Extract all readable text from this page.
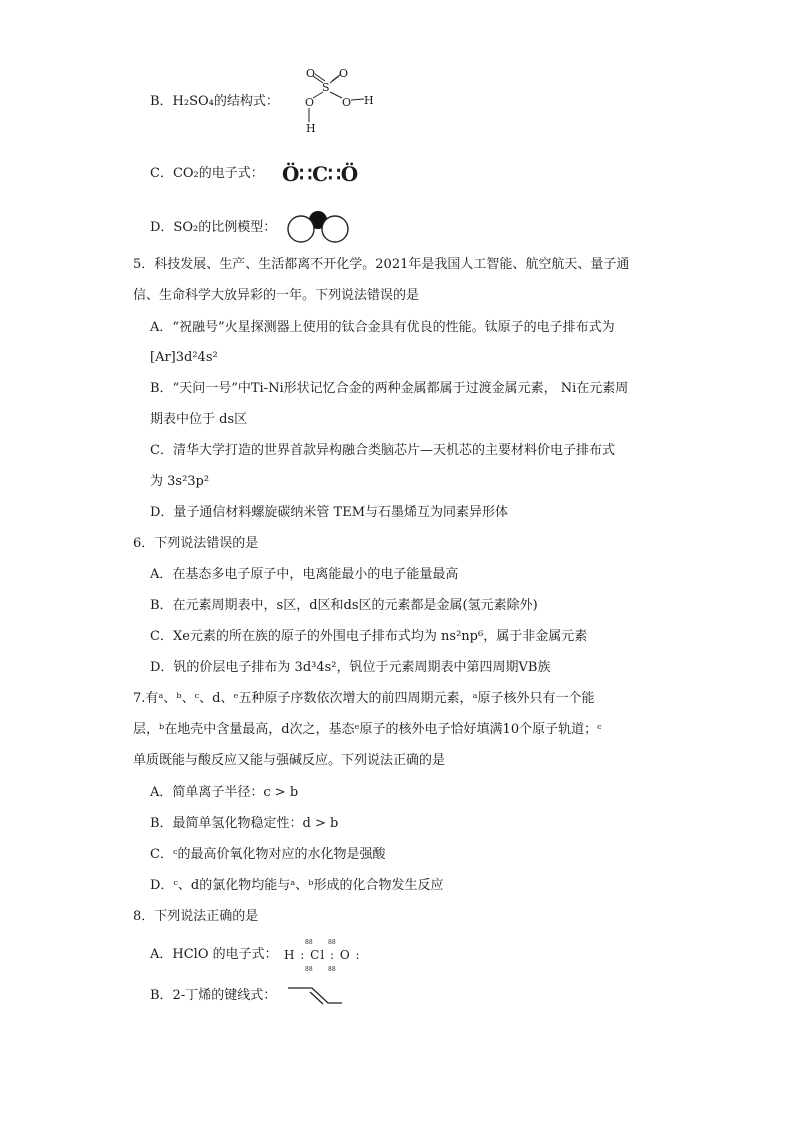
B．H₂SO₄的结构式：
O O
S
O	O H
H
C．CO₂的电子式： Ö∷C∷Ö
D．SO₂的比例模型：
5．科技发展、生产、生活都离不开化学。2021年是我国人工智能、航空航天、量子通
信、生命科学大放异彩的一年。下列说法错误的是
A．“祝融号”火星探测器上使用的钛合金具有优良的性能。钛原子的电子排布式为
[Ar]3d²4s²
B．“天问一号”中Ti-Ni形状记忆合金的两种金属都属于过渡金属元素， Ni在元素周
期表中位于 ds区
C．清华大学打造的世界首款异构融合类脑芯片—天机芯的主要材料价电子排布式
为 3s²3p²
D．量子通信材料螺旋碳纳米管 TEM与石墨烯互为同素异形体
6．下列说法错误的是
A．在基态多电子原子中，电离能最小的电子能量最高
B．在元素周期表中，s区，d区和ds区的元素都是金属(氢元素除外)
C．Xe元素的所在族的原子的外围电子排布式均为 ns²np⁶，属于非金属元素
D．钒的价层电子排布为 3d³4s²，钒位于元素周期表中第四周期VB族
7.有ᵃ、ᵇ、ᶜ、d、ᵉ五种原子序数依次增大的前四周期元素，ᵃ原子核外只有一个能
层，ᵇ在地壳中含量最高，d次之，基态ᵉ原子的核外电子恰好填满10个原子轨道；ᶜ
单质既能与酸反应又能与强碱反应。下列说法正确的是
A．简单离子半径：c > b
B．最简单氢化物稳定性：d > b
C．ᶜ的最高价氧化物对应的水化物是强酸
D．ᶜ、d的氯化物均能与ᵃ、ᵇ形成的化合物发生反应
8．下列说法正确的是
A．HClO 的电子式： H : Cl : O :
88	88
88	88
B．2-丁烯的键线式：
